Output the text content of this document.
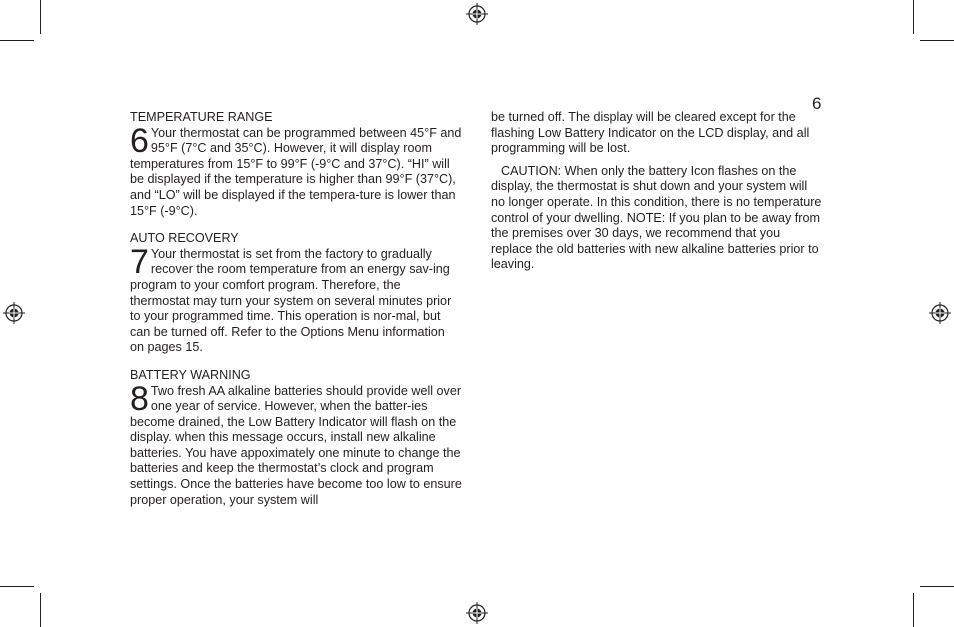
6
TEMPERATURE RANGE

6 Your thermostat can be programmed between 45°F and 95°F (7°C and 35°C). However, it will display room temperatures from 15°F to 99°F (-9°C and 37°C). “HI” will be displayed if the temperature is higher than 99°F (37°C), and “LO” will be displayed if the tempera-ture is lower than 15°F (-9°C).

AUTO RECOVERY

7 Your thermostat is set from the factory to gradually recover the room temperature from an energy sav-ing program to your comfort program. Therefore, the thermostat may turn your system on several minutes prior to your programmed time. This operation is nor-mal, but can be turned off. Refer to the Options Menu information on pages 15.

BATTERY WARNING

8 Two fresh AA alkaline batteries should provide well over one year of service. However, when the batter-ies become drained, the Low Battery Indicator will flash on the display. when this message occurs, install new alkaline batteries. You have appoximately one minute to change the batteries and keep the thermostat’s clock and program settings. Once the batteries have become too low to ensure proper operation, your system will

be turned off. The display will be cleared except for the flashing Low Battery Indicator on the LCD display, and all programming will be lost.

CAUTION: When only the battery Icon flashes on the display, the thermostat is shut down and your system will no longer operate. In this condition, there is no temperature control of your dwelling. NOTE: If you plan to be away from the premises over 30 days, we recommend that you replace the old batteries with new alkaline batteries prior to leaving.
